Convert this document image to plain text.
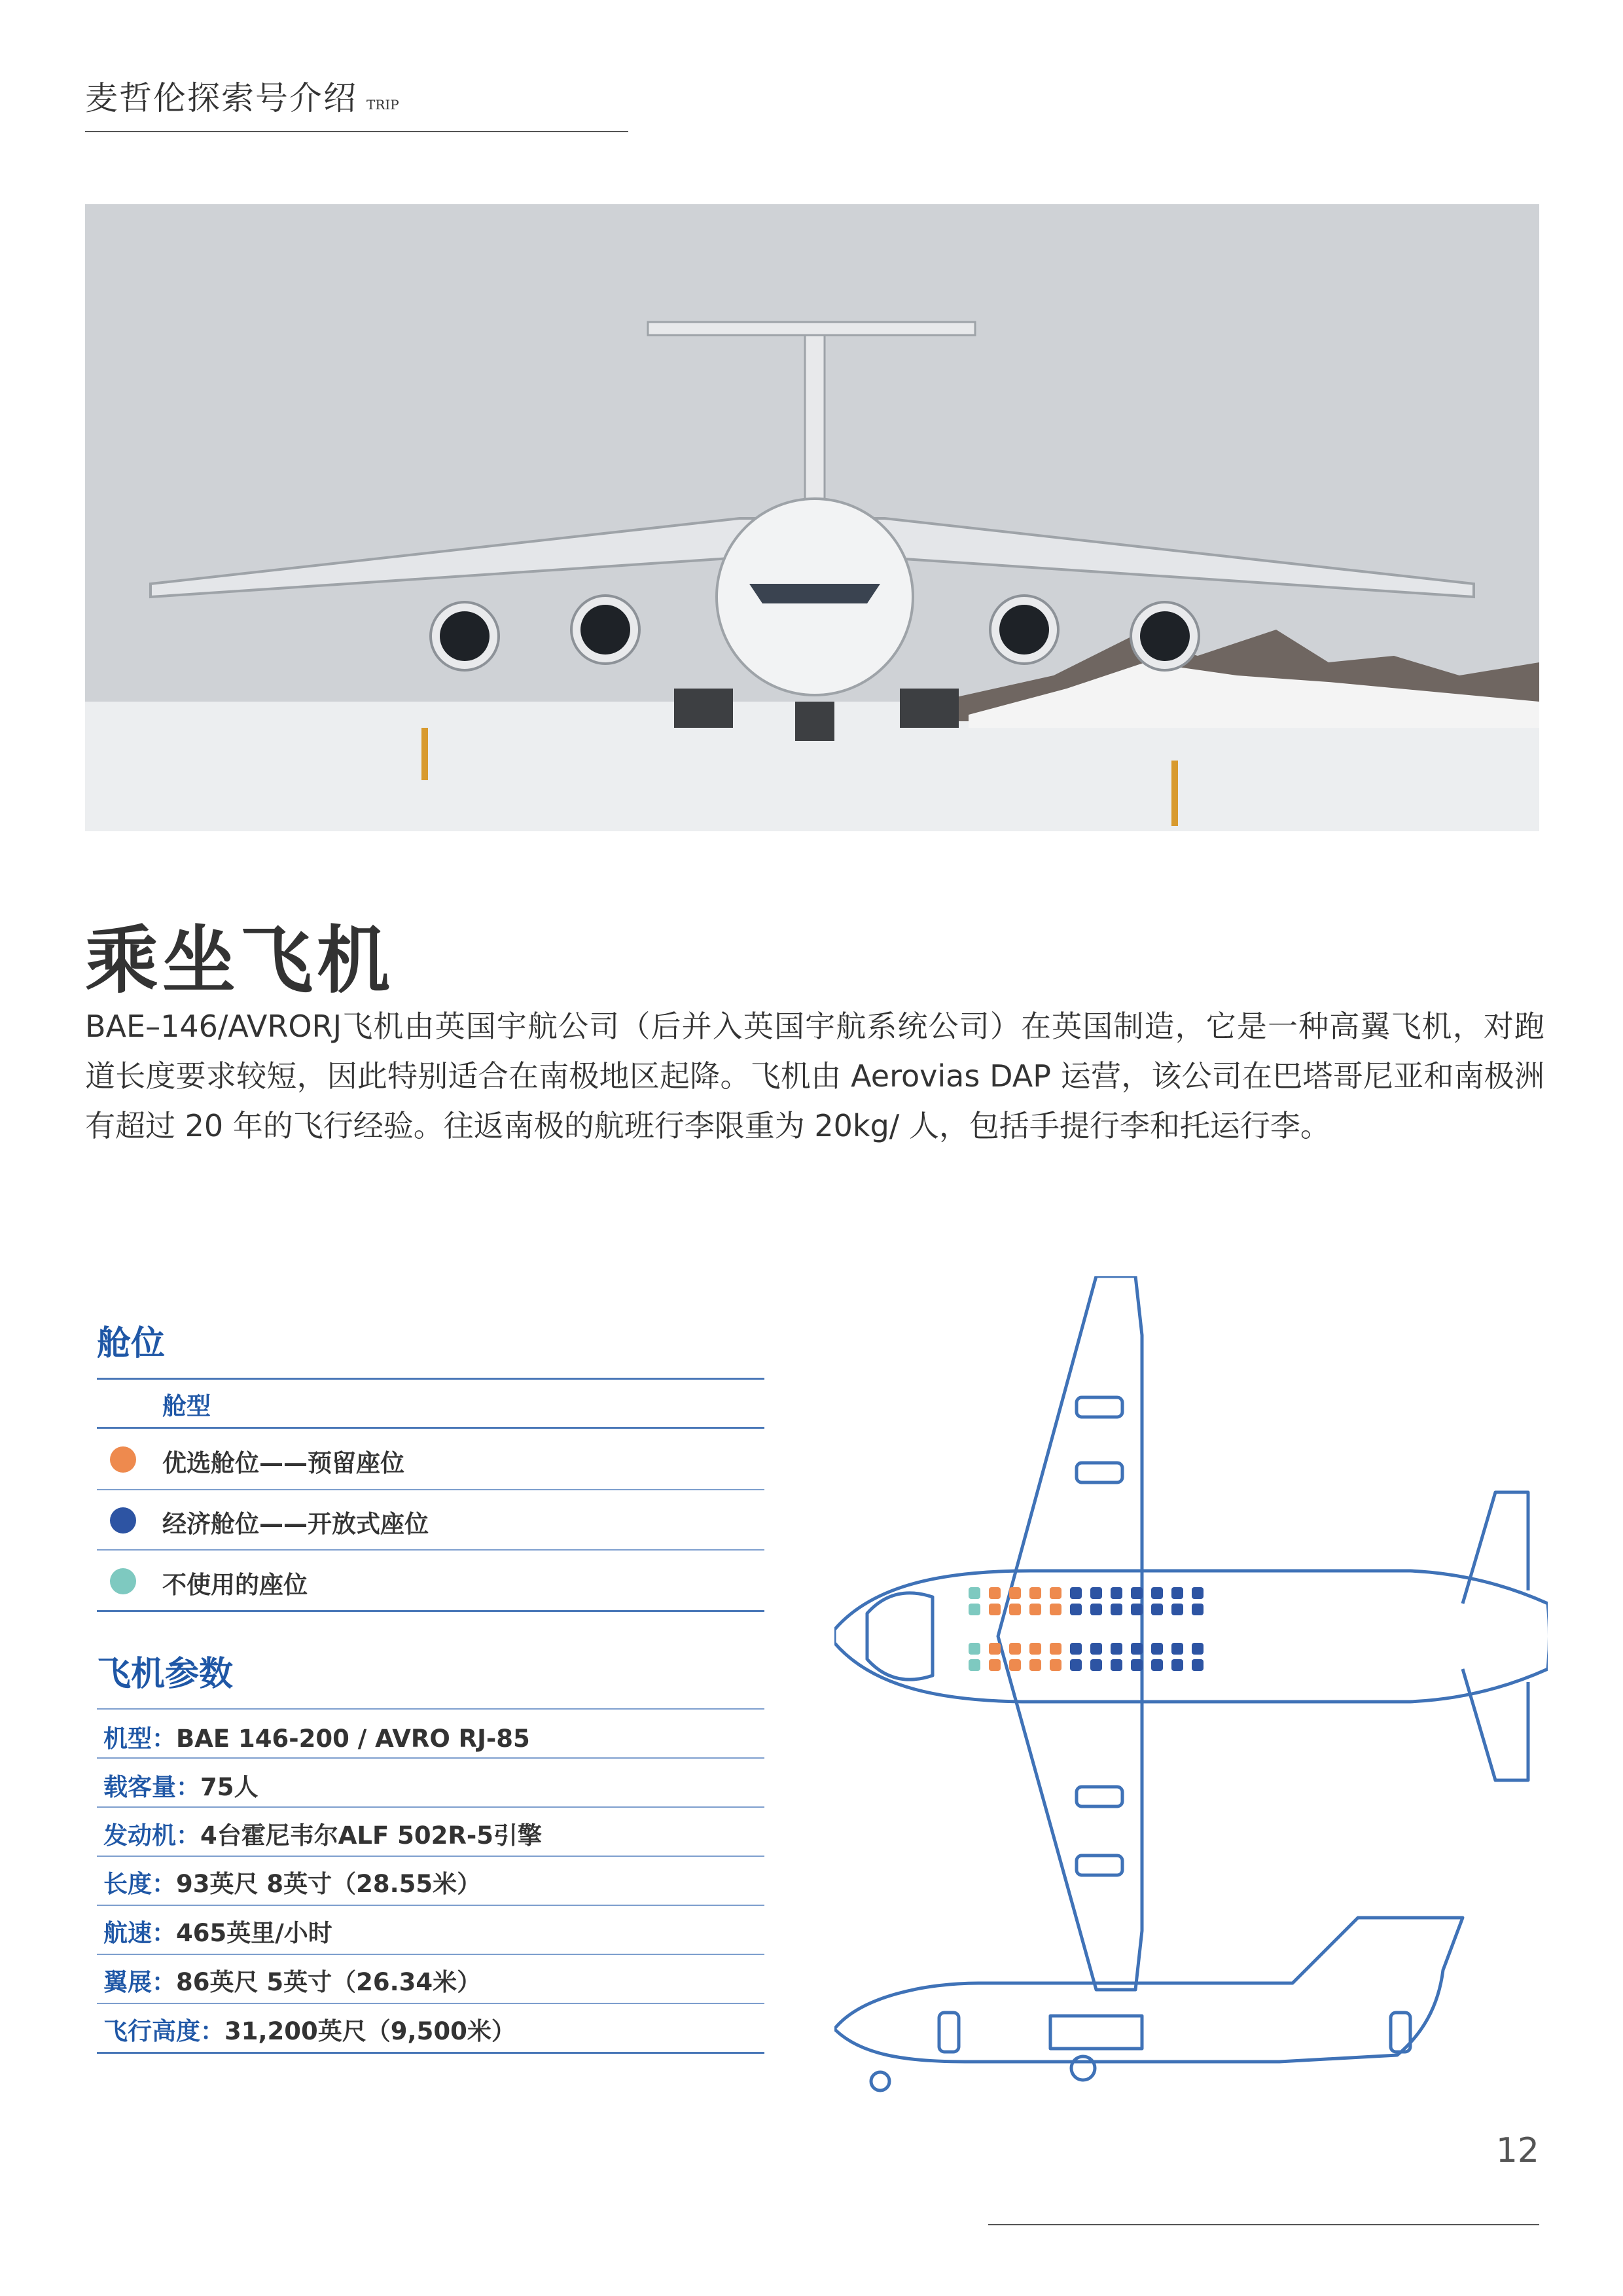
麦哲伦探索号介绍 TRIP
乘坐飞机
BAE–146/AVRORJ飞机由英国宇航公司（后并入英国宇航系统公司）在英国制造，它是一种高翼飞机，对跑道长度要求较短，因此特别适合在南极地区起降。飞机由 Aerovias DAP 运营，该公司在巴塔哥尼亚和南极洲有超过 20 年的飞行经验。往返南极的航班行李限重为 20kg/ 人，包括手提行李和托运行李。
舱位
舱型
优选舱位——预留座位
经济舱位——开放式座位
不使用的座位
飞机参数
机型：BAE 146-200 / AVRO RJ-85
载客量：75人
发动机：4台霍尼韦尔ALF 502R-5引擎
长度：93英尺 8英寸（28.55米）
航速：465英里/小时
翼展：86英尺 5英寸（26.34米）
飞行高度：31,200英尺（9,500米）
12
